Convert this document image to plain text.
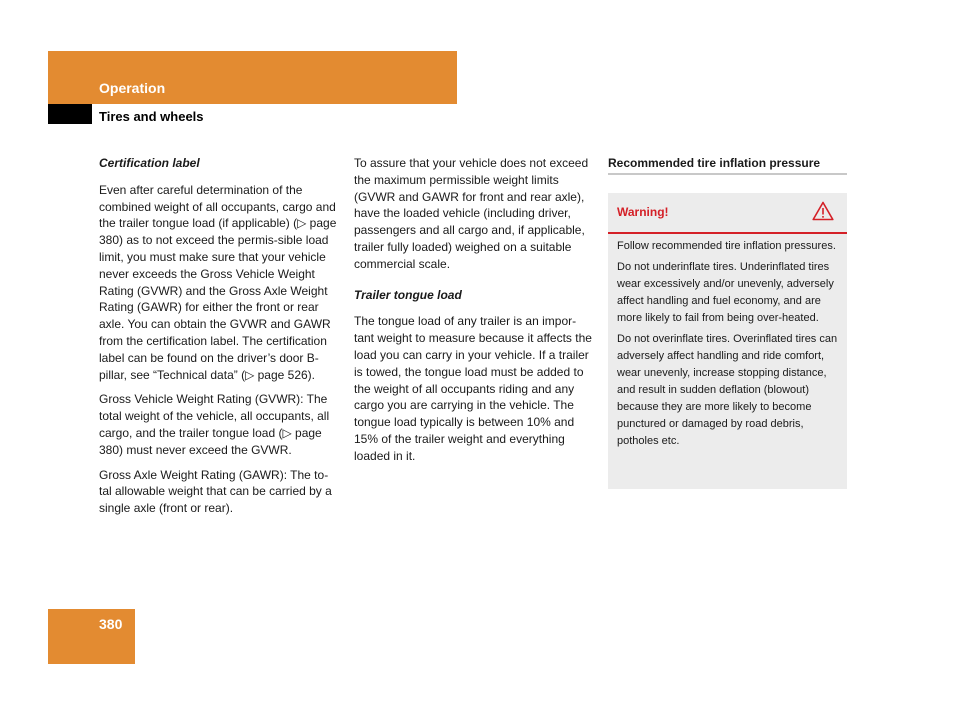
Operation
Tires and wheels
Certification label

Even after careful determination of the combined weight of all occupants, cargo and the trailer tongue load (if applicable) (▷ page 380) as to not exceed the permis-sible load limit, you must make sure that your vehicle never exceeds the Gross Vehicle Weight Rating (GVWR) and the Gross Axle Weight Rating (GAWR) for either the front or rear axle. You can obtain the GVWR and GAWR from the certification label. The certification label can be found on the driver’s door B-pillar, see “Technical data” (▷ page 526).

Gross Vehicle Weight Rating (GVWR): The total weight of the vehicle, all occupants, all cargo, and the trailer tongue load (▷ page 380) must never exceed the GVWR.

Gross Axle Weight Rating (GAWR): The to-tal allowable weight that can be carried by a single axle (front or rear).

To assure that your vehicle does not exceed the maximum permissible weight limits (GVWR and GAWR for front and rear axle), have the loaded vehicle (including driver, passengers and all cargo and, if applicable, trailer fully loaded) weighed on a suitable commercial scale.

Trailer tongue load

The tongue load of any trailer is an impor-tant weight to measure because it affects the load you can carry in your vehicle. If a trailer is towed, the tongue load must be added to the weight of all occupants riding and any cargo you are carrying in the vehicle. The tongue load typically is between 10% and 15% of the trailer weight and everything loaded in it.

Recommended tire inflation pressure
Warning!

Follow recommended tire inflation pressures.

Do not underinflate tires. Underinflated tires wear excessively and/or unevenly, adversely affect handling and fuel economy, and are more likely to fail from being over-heated.

Do not overinflate tires. Overinflated tires can adversely affect handling and ride comfort, wear unevenly, increase stopping distance, and result in sudden deflation (blowout) because they are more likely to become punctured or damaged by road debris, potholes etc.

380
